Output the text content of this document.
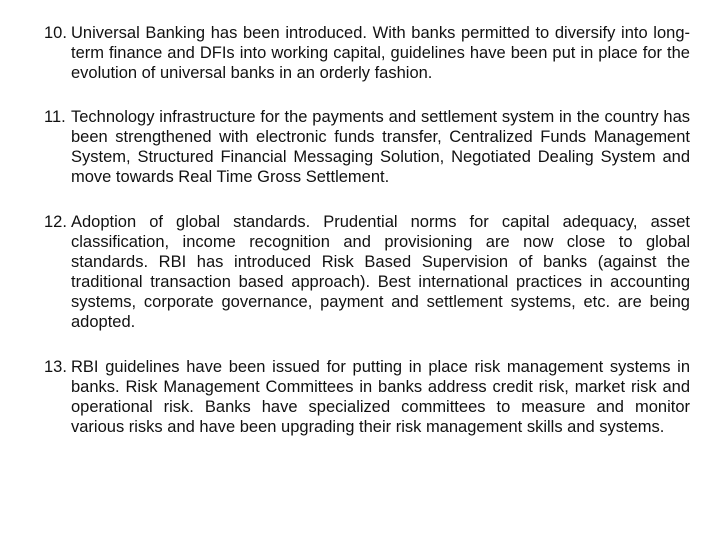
10. Universal Banking has been introduced. With banks permitted to diversify into long-term finance and DFIs into working capital, guidelines have been put in place for the evolution of universal banks in an orderly fashion.
11. Technology infrastructure for the payments and settlement system in the country has been strengthened with electronic funds transfer, Centralized Funds Management System, Structured Financial Messaging Solution, Negotiated Dealing System and move towards Real Time Gross Settlement.
12. Adoption of global standards. Prudential norms for capital adequacy, asset classification, income recognition and provisioning are now close to global standards. RBI has introduced Risk Based Supervision of banks (against the traditional transaction based approach). Best international practices in accounting systems, corporate governance, payment and settlement systems, etc. are being adopted.
13. RBI guidelines have been issued for putting in place risk management systems in banks. Risk Management Committees in banks address credit risk, market risk and operational risk. Banks have specialized committees to measure and monitor various risks and have been upgrading their risk management skills and systems.
